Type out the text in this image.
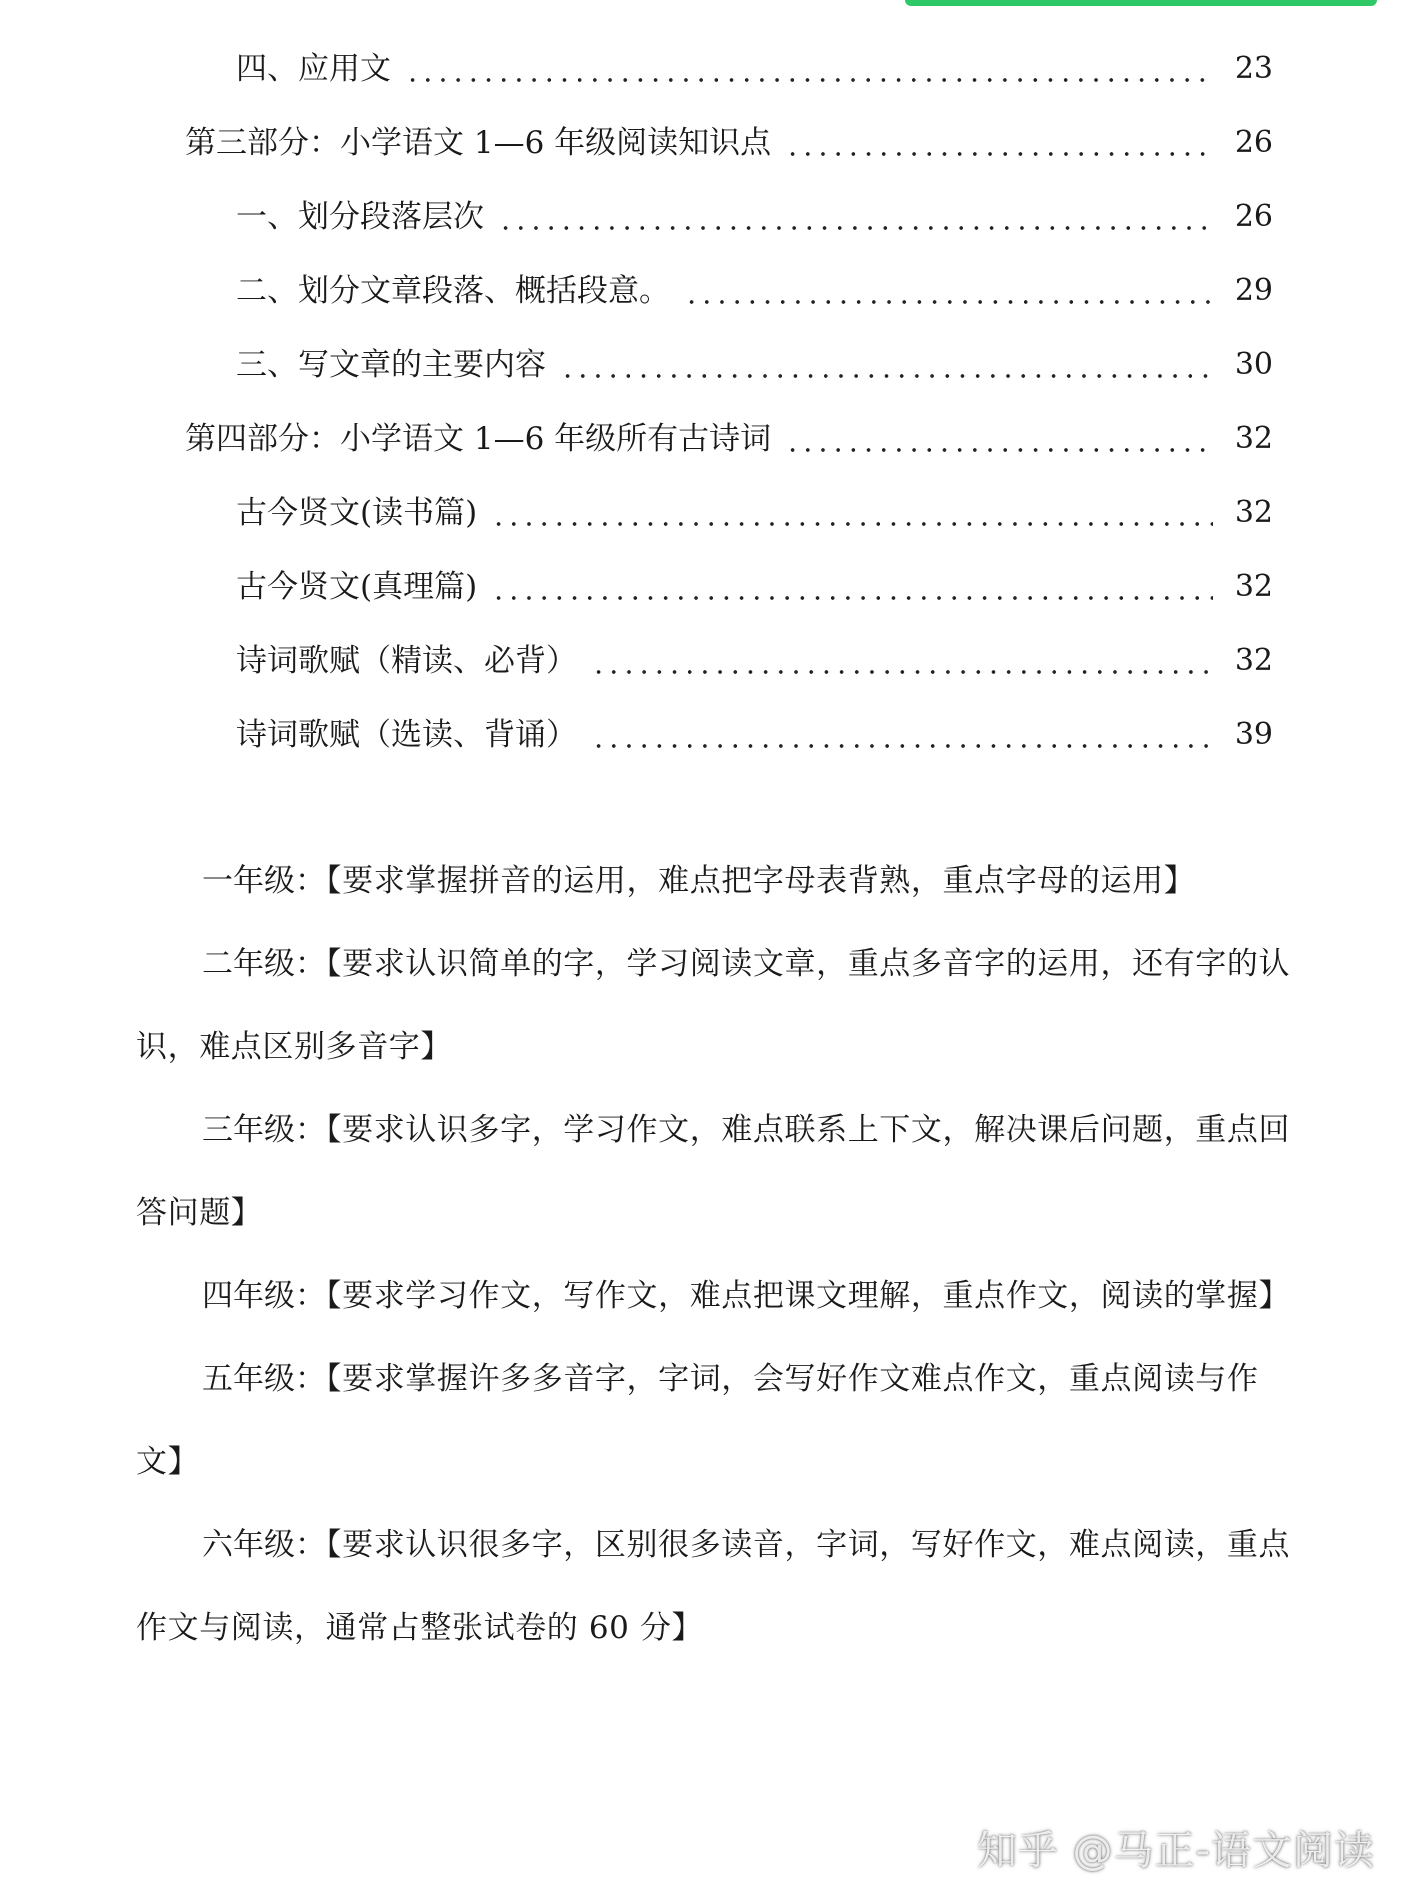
四、应用文	23
第三部分：小学语文 1—6 年级阅读知识点	26
一、划分段落层次	26
二、划分文章段落、概括段意。	29
三、写文章的主要内容	30
第四部分：小学语文 1—6 年级所有古诗词	32
古今贤文(读书篇)	32
古今贤文(真理篇)	32
诗词歌赋（精读、必背）	32
诗词歌赋（选读、背诵）	39

一年级：【要求掌握拼音的运用，难点把字母表背熟，重点字母的运用】

二年级：【要求认识简单的字，学习阅读文章，重点多音字的运用，还有字的认识，难点区别多音字】

三年级：【要求认识多字，学习作文，难点联系上下文，解决课后问题，重点回答问题】

四年级：【要求学习作文，写作文，难点把课文理解，重点作文，阅读的掌握】

五年级：【要求掌握许多多音字，字词，会写好作文难点作文，重点阅读与作文】

六年级：【要求认识很多字，区别很多读音，字词，写好作文，难点阅读，重点作文与阅读，通常占整张试卷的 60 分】

知乎 @马正-语文阅读
